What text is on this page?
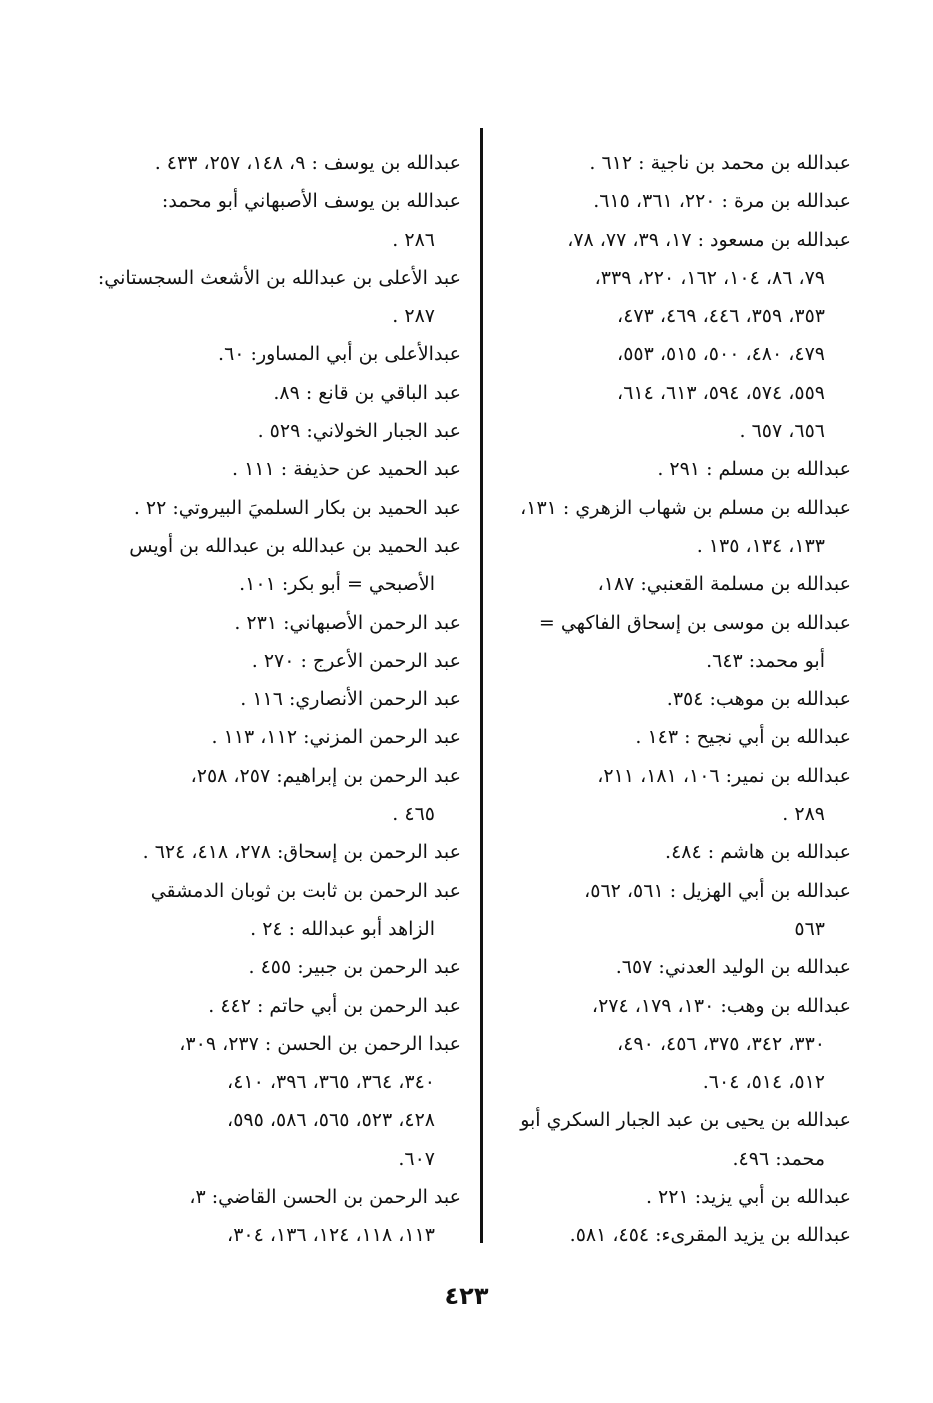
عبدالله بن محمد بن ناجية : ٦١٢ .
عبدالله بن مرة : ٢٢٠، ٣٦١، ٦١٥.
عبدالله بن مسعود : ١٧، ٣٩، ٧٧، ٧٨،
٧٩، ٨٦، ١٠٤، ١٦٢، ٢٢٠، ٣٣٩،
٣٥٣، ٣٥٩، ٤٤٦، ٤٦٩، ٤٧٣،
٤٧٩، ٤٨٠، ٥٠٠، ٥١٥، ٥٥٣،
٥٥٩، ٥٧٤، ٥٩٤، ٦١٣، ٦١٤،
٦٥٦، ٦٥٧ .
عبدالله بن مسلم : ٢٩١ .
عبدالله بن مسلم بن شهاب الزهري : ١٣١،
١٣٣، ١٣٤، ١٣٥ .
عبدالله بن مسلمة القعنبي: ١٨٧،
عبدالله بن موسى بن إسحاق الفاكهي =
أبو محمد: ٦٤٣.
عبدالله بن موهب: ٣٥٤.
عبدالله بن أبي نجيح : ١٤٣ .
عبدالله بن نمير: ١٠٦، ١٨١، ٢١١،
٢٨٩ .
عبدالله بن هاشم : ٤٨٤.
عبدالله بن أبي الهزيل : ٥٦١، ٥٦٢،
٥٦٣
عبدالله بن الوليد العدني: ٦٥٧.
عبدالله بن وهب: ١٣٠، ١٧٩، ٢٧٤،
٣٣٠، ٣٤٢، ٣٧٥، ٤٥٦، ٤٩٠،
٥١٢، ٥١٤، ٦٠٤.
عبدالله بن يحيى بن عبد الجبار السكري أبو
محمد: ٤٩٦.
عبدالله بن أبي يزيد: ٢٢١ .
عبدالله بن يزيد المقرىء: ٤٥٤، ٥٨١.
عبدالله بن يوسف : ٩، ١٤٨، ٢٥٧، ٤٣٣ .
عبدالله بن يوسف الأصبهاني أبو محمد:
٢٨٦ .
عبد الأعلى بن عبدالله بن الأشعث السجستاني:
٢٨٧ .
عبدالأعلى بن أبي المساور: ٦٠.
عبد الباقي بن قانع : ٨٩.
عبد الجبار الخولاني: ٥٢٩ .
عبد الحميد عن حذيفة : ١١١ .
عبد الحميد بن بكار السلميَ البيروتي: ٢٢ .
عبد الحميد بن عبدالله بن عبدالله بن أويس
الأصبحي = أبو بكر: ١٠١.
عبد الرحمن الأصبهاني: ٢٣١ .
عبد الرحمن الأعرج : ٢٧٠ .
عبد الرحمن الأنصاري: ١١٦ .
عبد الرحمن المزني: ١١٢، ١١٣ .
عبد الرحمن بن إبراهيم: ٢٥٧، ٢٥٨،
٤٦٥ .
عبد الرحمن بن إسحاق: ٢٧٨، ٤١٨، ٦٢٤ .
عبد الرحمن بن ثابت بن ثوبان الدمشقي
الزاهد أبو عبدالله : ٢٤ .
عبد الرحمن بن جبير: ٤٥٥ .
عبد الرحمن بن أبي حاتم : ٤٤٢ .
عبدا الرحمن بن الحسن : ٢٣٧، ٣٠٩،
٣٤٠، ٣٦٤، ٣٦٥، ٣٩٦، ٤١٠،
٤٢٨، ٥٢٣، ٥٦٥، ٥٨٦، ٥٩٥،
٦٠٧.
عبد الرحمن بن الحسن القاضي: ٣،
١١٣، ١١٨، ١٢٤، ١٣٦، ٣٠٤،
٤٢٣
